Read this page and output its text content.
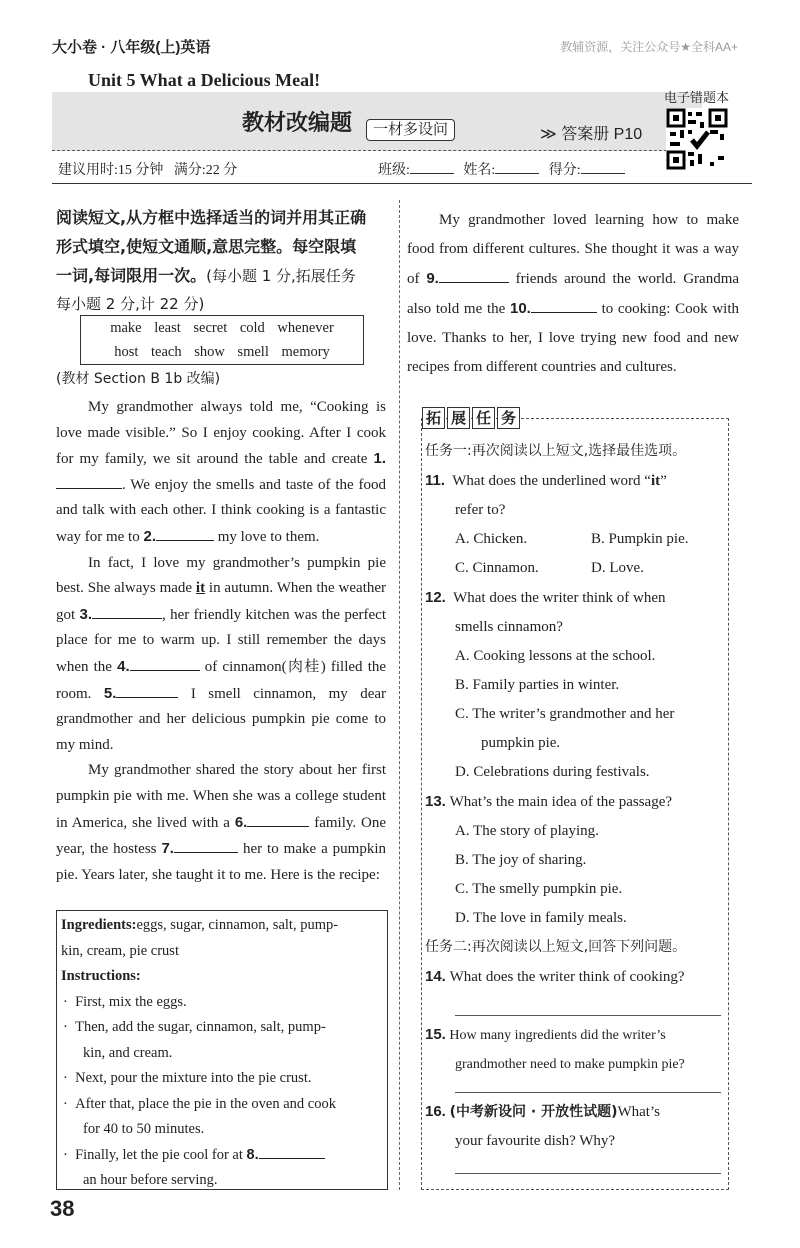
大小卷 · 八年级(上)英语	教辅资源，关注公众号★全科AA+
Unit 5 What a Delicious Meal!
教材改编题	一材多设问	≫ 答案册 P10
电子错题本
建议用时:15 分钟 满分:22 分	班级:	姓名:	得分:
阅读短文,从方框中选择适当的词并用其正确
形式填空,使短文通顺,意思完整。每空限填
一词,每词限用一次。(每小题 1 分,拓展任务
每小题 2 分,计 22 分)
make least secret cold whenever
host teach show smell memory
(教材 Section B 1b 改编)
My grandmother always told me, “Cooking is love made visible.” So I enjoy cooking. After I cook for my family, we sit around the table and create 1.. We enjoy the smells and taste of the food and talk with each other. I think cooking is a fantastic way for me to 2.	my love to them.
In fact, I love my grandmother’s pumpkin pie best. She always made it in autumn. When the weather got 3.	, her friendly kitchen was the perfect place for me to warm up. I still remember the days when the 4.	of cinnamon(肉桂) filled the room. 5.	I smell cinnamon, my dear grandmother and her delicious pumpkin pie come to my mind.
My grandmother shared the story about her first pumpkin pie with me. When she was a college student in America, she lived with a 6.	family. One year, the hostess 7.	her to make a pumpkin pie. Years later, she taught it to me. Here is the recipe:
Ingredients:eggs, sugar, cinnamon, salt, pump-
kin, cream, pie crust
Instructions:
·  First, mix the eggs.
·  Then, add the sugar, cinnamon, salt, pump-
kin, and cream.
·  Next, pour the mixture into the pie crust.
·  After that, place the pie in the oven and cook
for 40 to 50 minutes.
·  Finally, let the pie cool for at 8.
an hour before serving.
My grandmother loved learning how to make food from different cultures. She thought it was a way of 9.	friends around the world. Grandma also told me the 10.	to cooking: Cook with love. Thanks to her, I love trying new food and new recipes from different countries and cultures.
拓 展 任 务
任务一:再次阅读以上短文,选择最佳选项。
11. What does the underlined word “it”
refer to?
A. Chicken.	B. Pumpkin pie.
C. Cinnamon.	D. Love.
12. What does the writer think of when
smells cinnamon?
A. Cooking lessons at the school.
B. Family parties in winter.
C. The writer’s grandmother and her
pumpkin pie.
D. Celebrations during festivals.
13. What’s the main idea of the passage?
A. The story of playing.
B. The joy of sharing.
C. The smelly pumpkin pie.
D. The love in family meals.
任务二:再次阅读以上短文,回答下列问题。
14. What does the writer think of cooking?
15. How many ingredients did the writer’s
grandmother need to make pumpkin pie?
16. (中考新设问 · 开放性试题)What’s
your favourite dish? Why?
38
